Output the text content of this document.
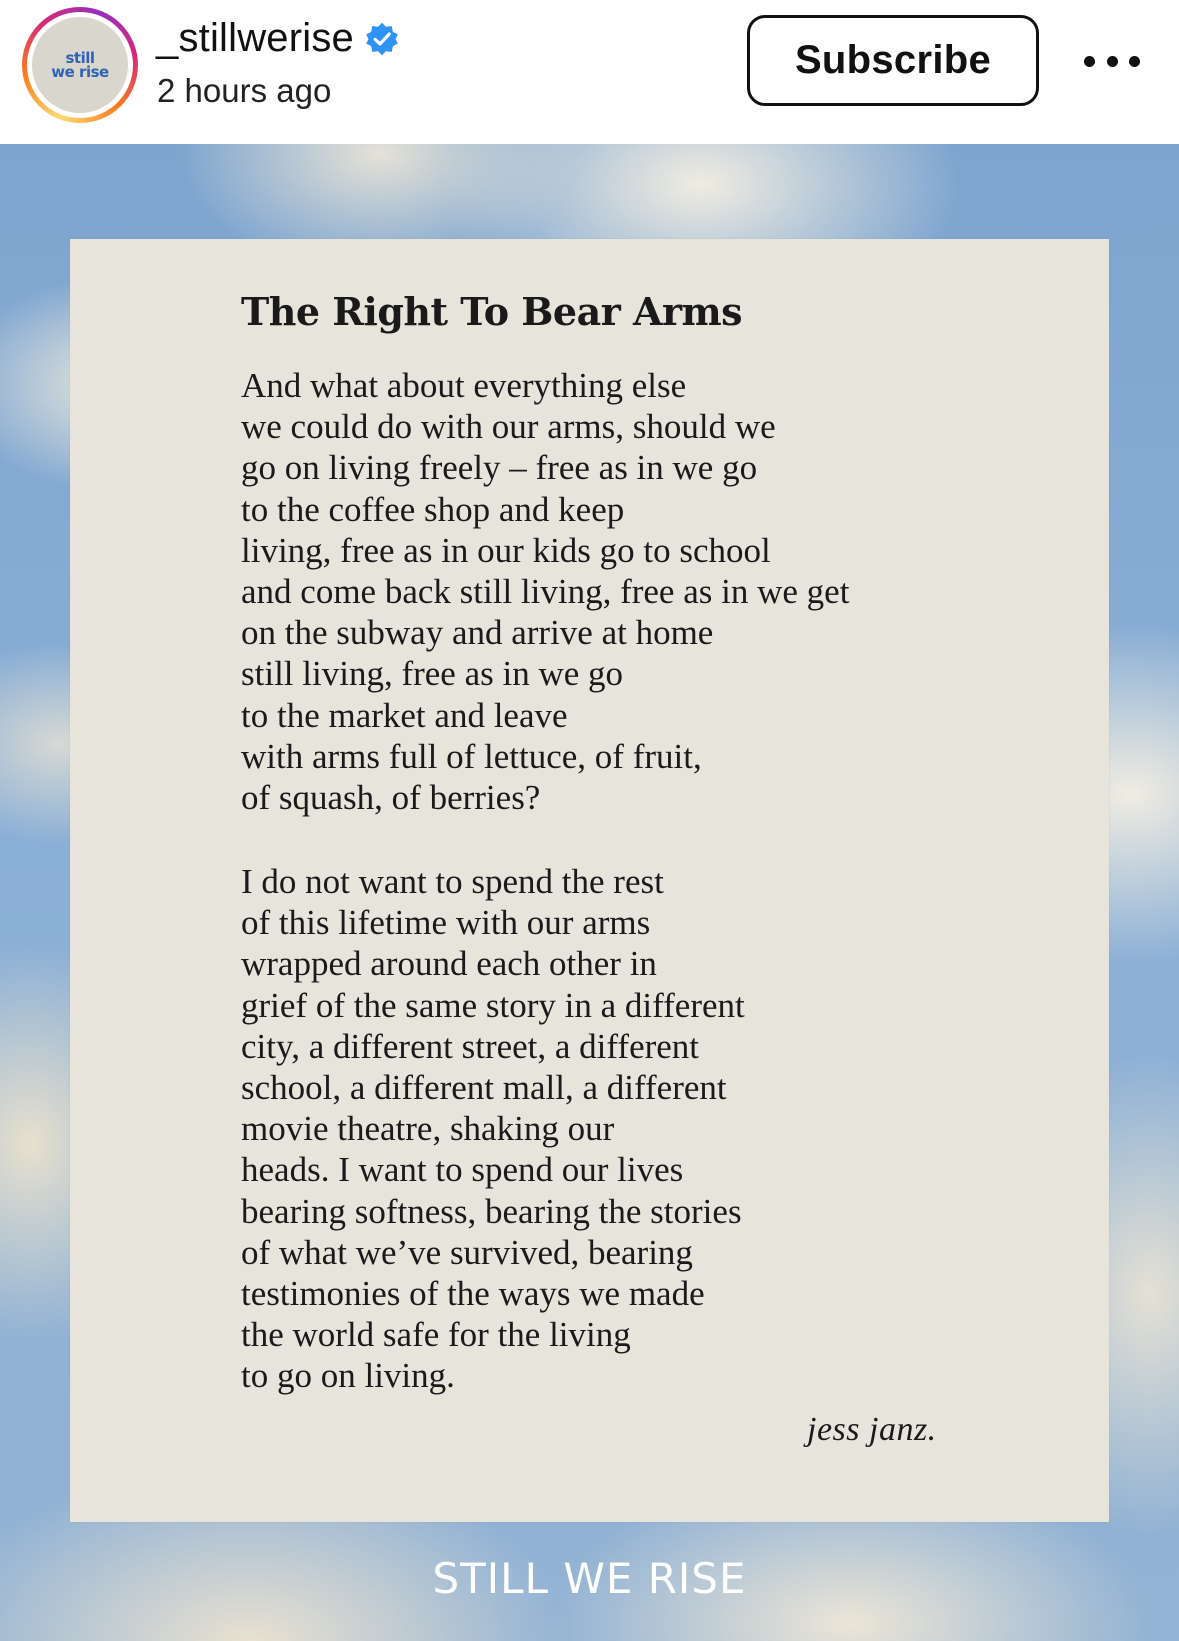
still
we rise
_stillwerise
2 hours ago
Subscribe
The Right To Bear Arms
And what about everything else
we could do with our arms, should we
go on living freely – free as in we go
to the coffee shop and keep
living, free as in our kids go to school
and come back still living, free as in we get
on the subway and arrive at home
still living, free as in we go
to the market and leave
with arms full of lettuce, of fruit,
of squash, of berries?
I do not want to spend the rest
of this lifetime with our arms
wrapped around each other in
grief of the same story in a different
city, a different street, a different
school, a different mall, a different
movie theatre, shaking our
heads. I want to spend our lives
bearing softness, bearing the stories
of what we’ve survived, bearing
testimonies of the ways we made
the world safe for the living
to go on living.
jess janz.
STILL WE RISE
